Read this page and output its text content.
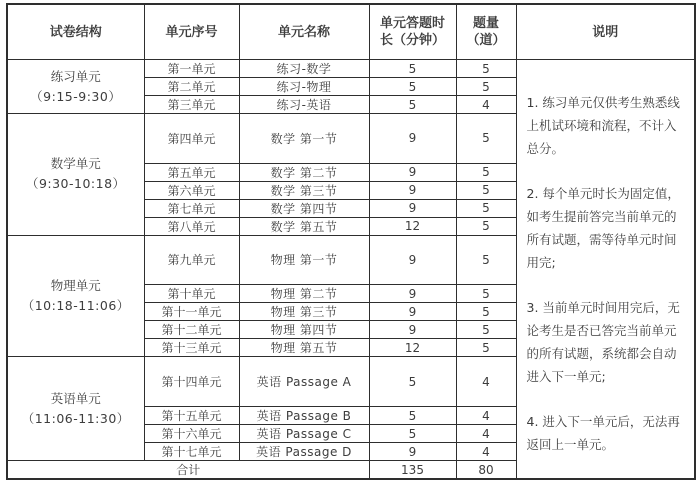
试卷结构	单元序号	单元名称	单元答题时长（分钟）	题量（道）	说明

练习单元
（9:15-9:30）
	第一单元	练习-数学	5	5	

1. 练习单元仅供考生熟悉线上机试环境和流程，不计入总分。

2. 每个单元时长为固定值，如考生提前答完当前单元的所有试题，需等待单元时间用完;

3. 当前单元时间用完后，无论考生是否已答完当前单元的所有试题，系统都会自动进入下一单元;

4. 进入下一单元后，无法再返回上一单元。

	第二单元	练习-物理	5	5	
	第三单元	练习-英语	5	4	

数学单元
（9:30-10:18）	第四单元	数学 第一节	9	5	
	第五单元	数学 第二节	9	5	
	第六单元	数学 第三节	9	5	
	第七单元	数学 第四节	9	5	
	第八单元	数学 第五节	12	5	

物理单元
（10:18-11:06）	第九单元	物理 第一节	9	5	
	第十单元	物理 第二节	9	5	
	第十一单元	物理 第三节	9	5	
	第十二单元	物理 第四节	9	5	
	第十三单元	物理 第五节	12	5	

英语单元
（11:06-11:30）	第十四单元	英语 Passage A	5	4	
	第十五单元	英语 Passage B	5	4	
	第十六单元	英语 Passage C	5	4	
	第十七单元	英语 Passage D	9	4	
合计			135	80	
